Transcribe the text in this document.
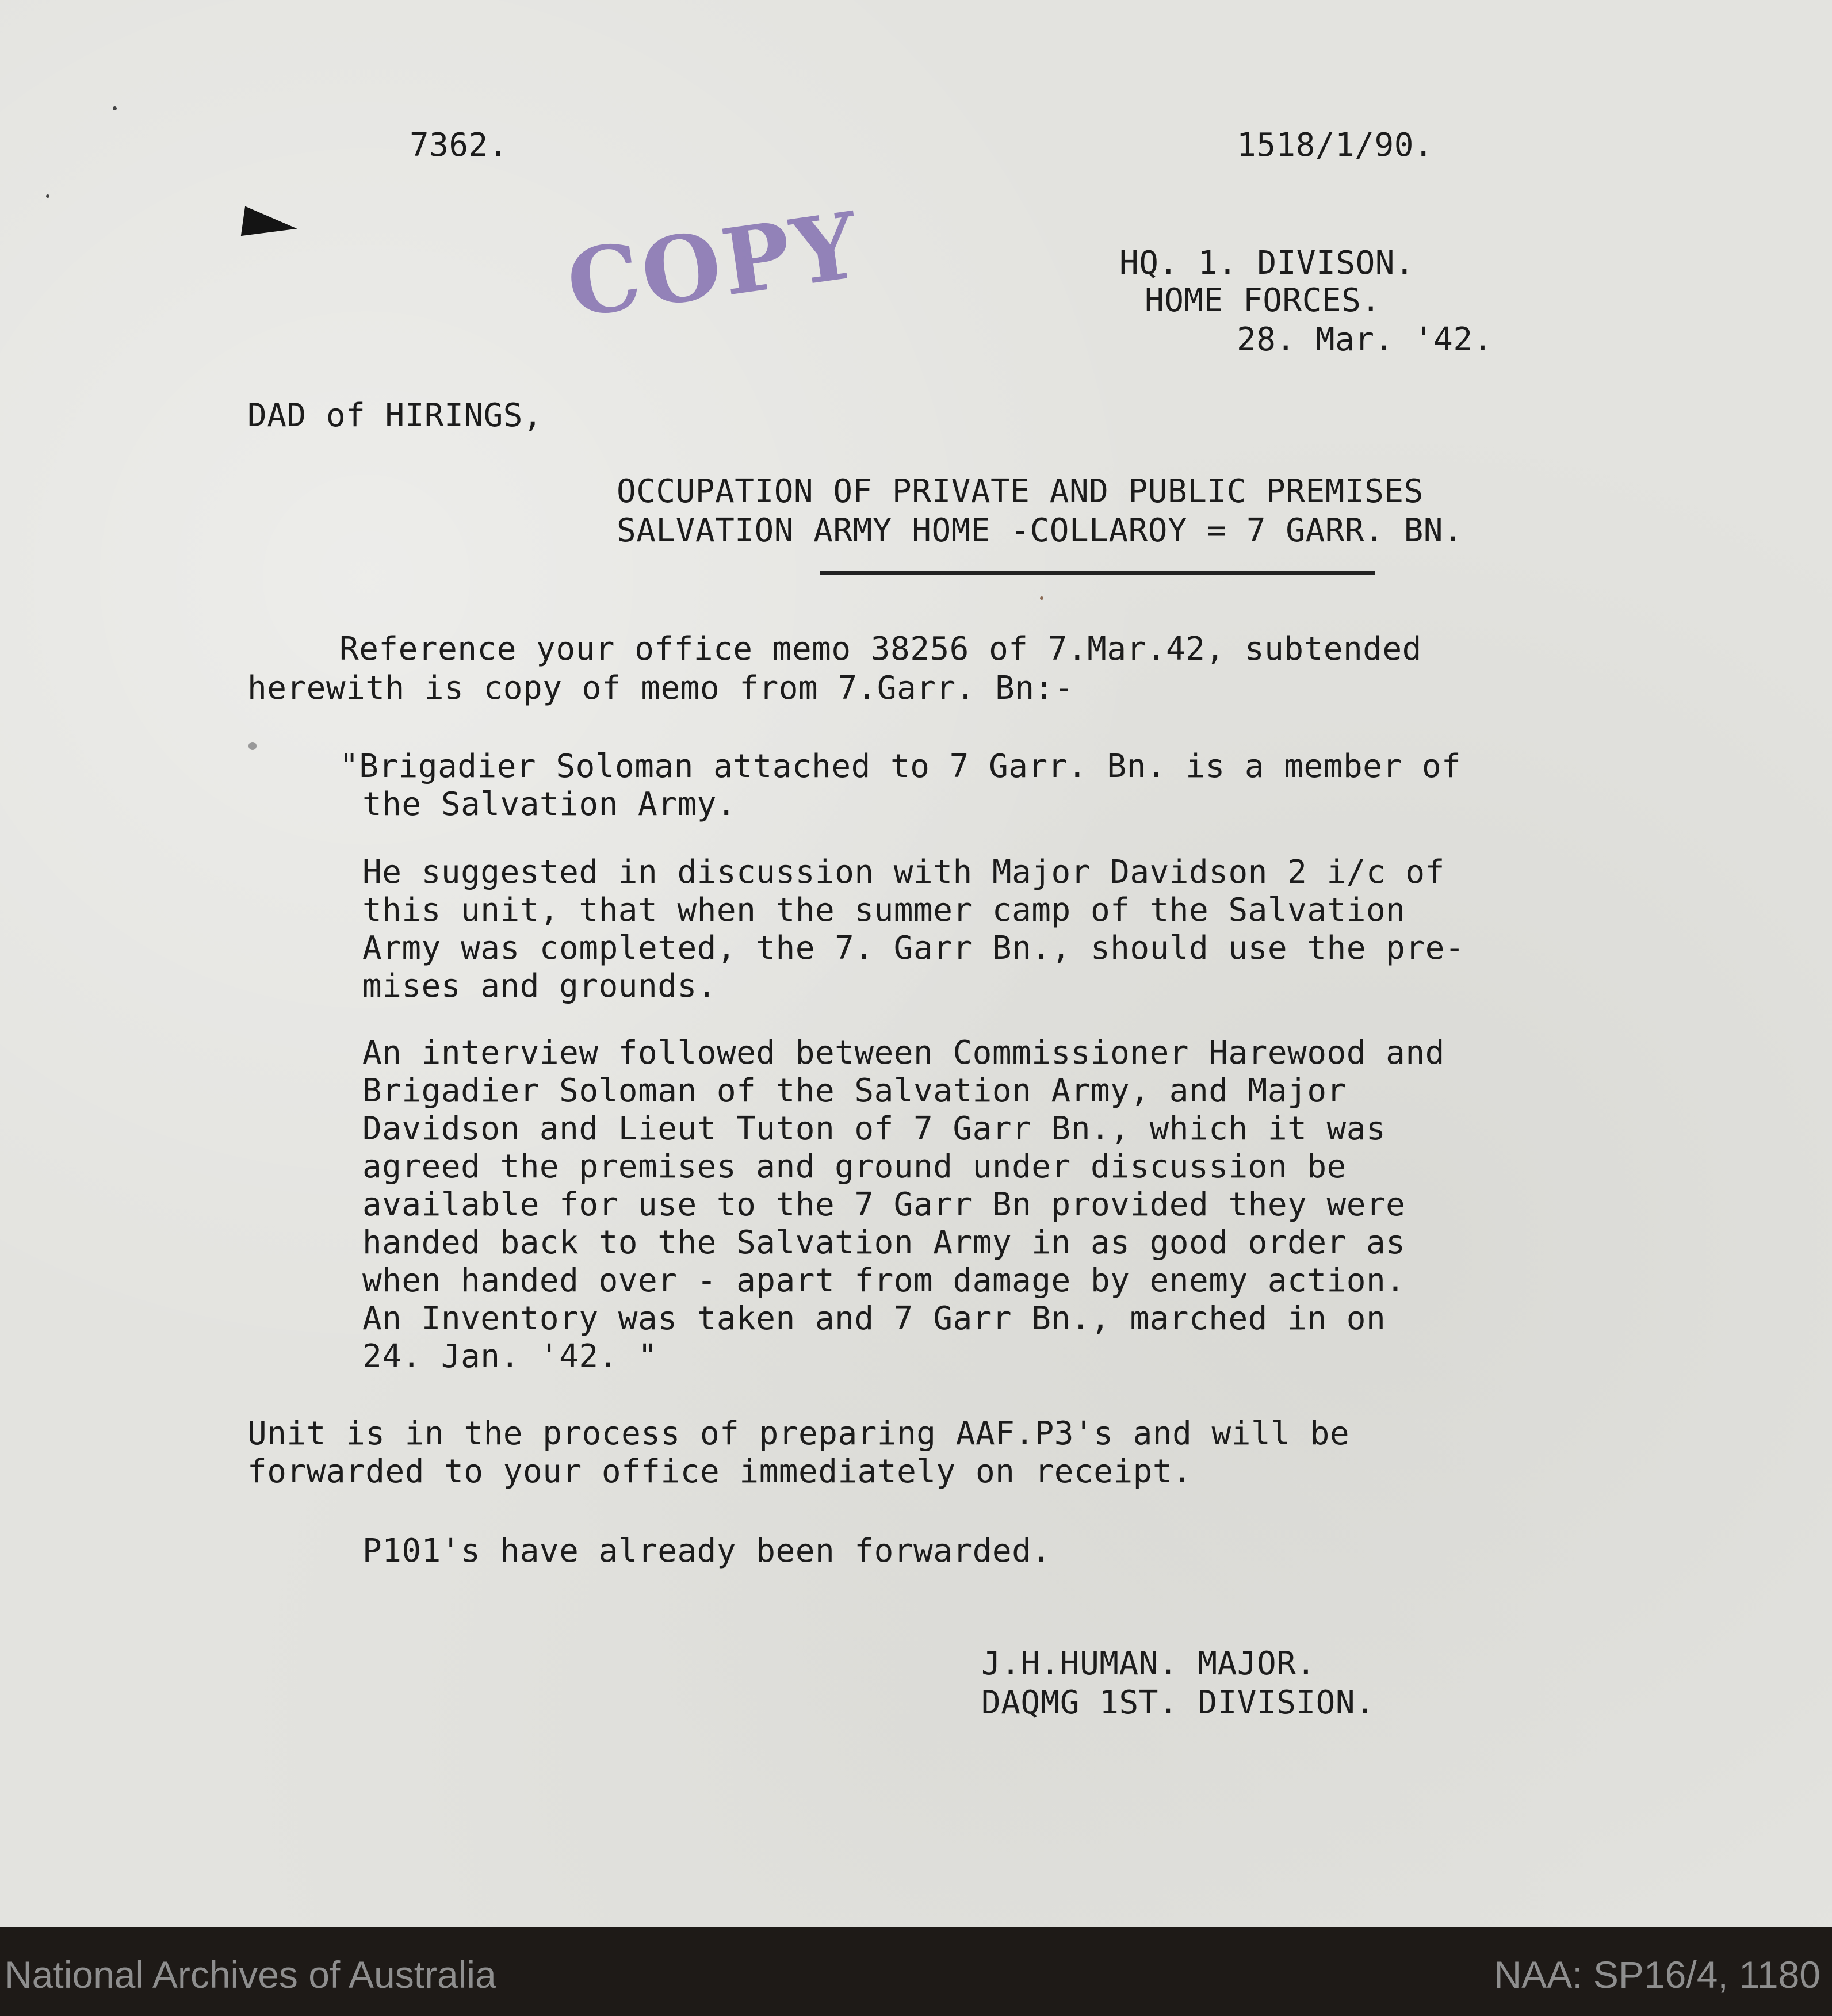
7362.	1518/1/90.
COPY	HQ. 1. DIVISON.
HOME FORCES.
28. Mar. '42.
DAD of HIRINGS,
OCCUPATION OF PRIVATE AND PUBLIC PREMISES
SALVATION ARMY HOME -COLLAROY = 7 GARR. BN.
Reference your office memo 38256 of 7.Mar.42, subtended
herewith is copy of memo from 7.Garr. Bn:-
"Brigadier Soloman attached to 7 Garr. Bn. is a member of
the Salvation Army.
He suggested in discussion with Major Davidson 2 i/c of
this unit, that when the summer camp of the Salvation
Army was completed, the 7. Garr Bn., should use the pre-
mises and grounds.
An interview followed between Commissioner Harewood and
Brigadier Soloman of the Salvation Army, and Major
Davidson and Lieut Tuton of 7 Garr Bn., which it was
agreed the premises and ground under discussion be
available for use to the 7 Garr Bn provided they were
handed back to the Salvation Army in as good order as
when handed over - apart from damage by enemy action.
An Inventory was taken and 7 Garr Bn., marched in on
24. Jan. '42. "
Unit is in the process of preparing AAF.P3's and will be
forwarded to your office immediately on receipt.
P101's have already been forwarded.
J.H.HUMAN. MAJOR.
DAQMG 1ST. DIVISION.
National Archives of Australia	NAA: SP16/4, 1180
